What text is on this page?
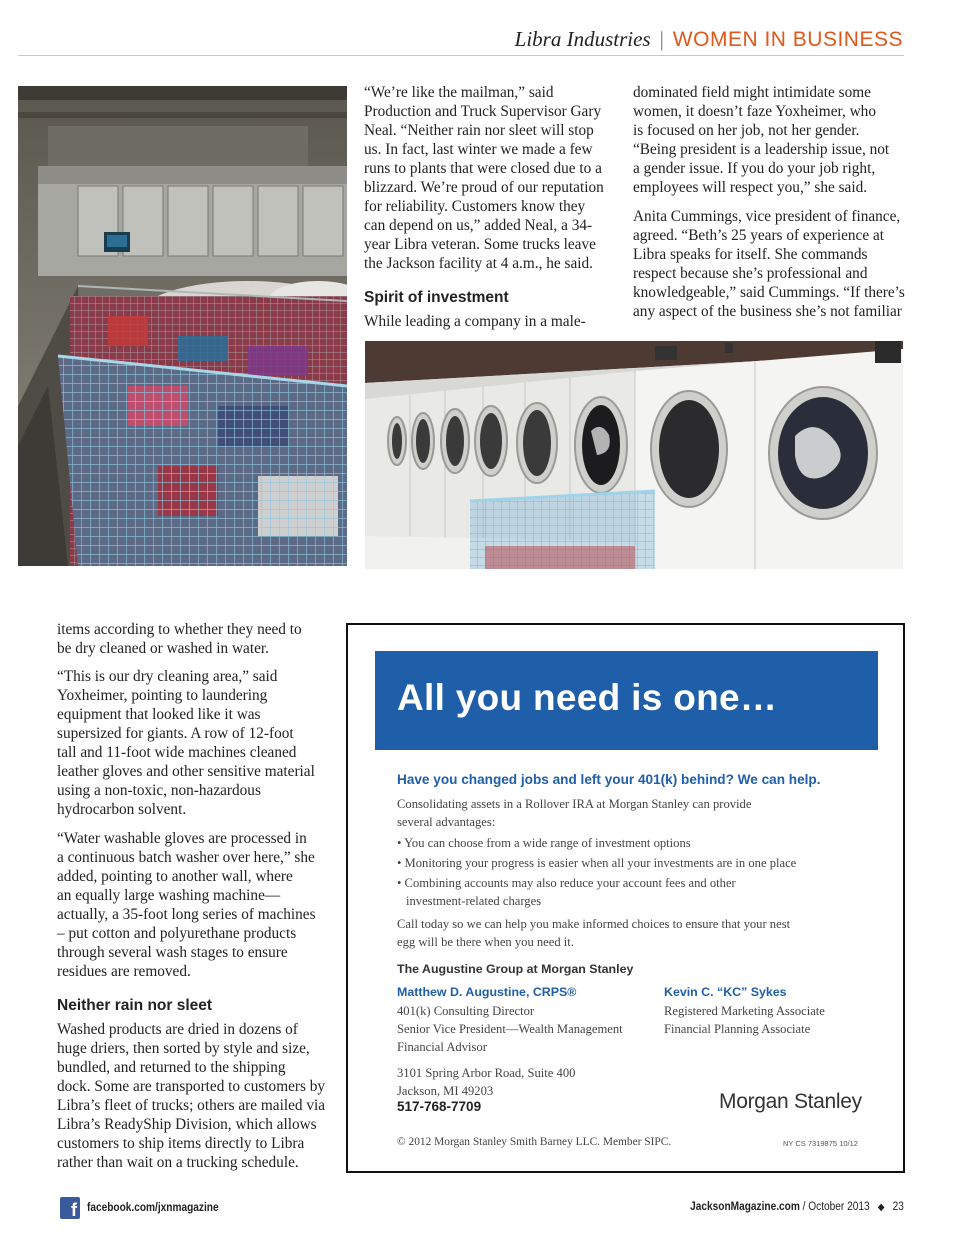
Libra Industries | WOMEN IN BUSINESS

“We’re like the mailman,” said

Production and Truck Supervisor Gary

Neal. “Neither rain nor sleet will stop

us. In fact, last winter we made a few

runs to plants that were closed due to a

blizzard. We’re proud of our reputation

for reliability. Customers know they

can depend on us,” added Neal, a 34-

year Libra veteran. Some trucks leave

the Jackson facility at 4 a.m., he said.

Spirit of investment

While leading a company in a male-

dominated field might intimidate some

women, it doesn’t faze Yoxheimer, who

is focused on her job, not her gender.

“Being president is a leadership issue, not

a gender issue. If you do your job right,

employees will respect you,” she said.

Anita Cummings, vice president of finance,

agreed. “Beth’s 25 years of experience at

Libra speaks for itself. She commands

respect because she’s professional and

knowledgeable,” said Cummings. “If there’s

any aspect of the business she’s not familiar

items according to whether they need to

be dry cleaned or washed in water.

“This is our dry cleaning area,” said

Yoxheimer, pointing to laundering

equipment that looked like it was

supersized for giants. A row of 12-foot

tall and 11-foot wide machines cleaned

leather gloves and other sensitive material

using a non-toxic, non-hazardous

hydrocarbon solvent.

“Water washable gloves are processed in

a continuous batch washer over here,” she

added, pointing to another wall, where

an equally large washing machine—

actually, a 35-foot long series of machines

– put cotton and polyurethane products

through several wash stages to ensure

residues are removed.

Neither rain nor sleet

Washed products are dried in dozens of

huge driers, then sorted by style and size,

bundled, and returned to the shipping

dock. Some are transported to customers by

Libra’s fleet of trucks; others are mailed via

Libra’s ReadyShip Division, which allows

customers to ship items directly to Libra

rather than wait on a trucking schedule.

All you need is one…
Have you changed jobs and left your 401(k) behind? We can help.
Consolidating assets in a Rollover IRA at Morgan Stanley can provide
several advantages:
• You can choose from a wide range of investment options
• Monitoring your progress is easier when all your investments are in one place
• Combining accounts may also reduce your account fees and other
investment-related charges
Call today so we can help you make informed choices to ensure that your nest
egg will be there when you need it.
The Augustine Group at Morgan Stanley
Matthew D. Augustine, CRPS®
401(k) Consulting Director
Senior Vice President—Wealth Management
Financial Advisor
Kevin C. “KC” Sykes
Registered Marketing Associate
Financial Planning Associate
3101 Spring Arbor Road, Suite 400
Jackson, MI 49203
517-768-7709	Morgan Stanley
© 2012 Morgan Stanley Smith Barney LLC. Member SIPC.	NY CS 7319875 10/12
f facebook.com/jxnmagazine	JacksonMagazine.com / October 2013 ◆ 23
